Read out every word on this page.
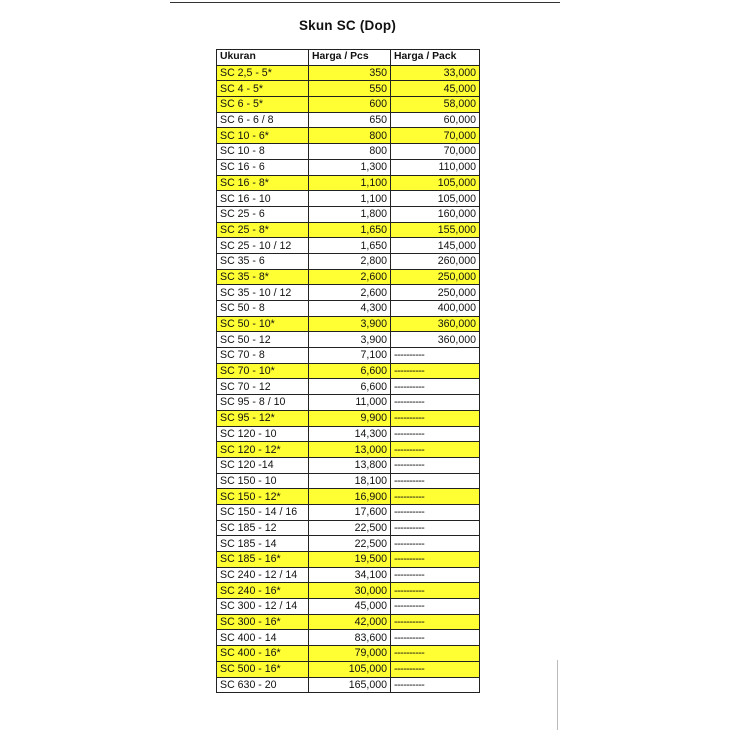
Skun SC (Dop)
Ukuran	Harga / Pcs	Harga / Pack
SC 2,5 - 5*	350	33,000
SC 4 - 5*	550	45,000
SC 6 - 5*	600	58,000
SC 6 - 6 / 8	650	60,000
SC 10 - 6*	800	70,000
SC 10 - 8	800	70,000
SC 16 - 6	1,300	110,000
SC 16 - 8*	1,100	105,000
SC 16 - 10	1,100	105,000
SC 25 - 6	1,800	160,000
SC 25 - 8*	1,650	155,000
SC 25 - 10 / 12	1,650	145,000
SC 35 - 6	2,800	260,000
SC 35 - 8*	2,600	250,000
SC 35 - 10 / 12	2,600	250,000
SC 50 - 8	4,300	400,000
SC 50 - 10*	3,900	360,000
SC 50 - 12	3,900	360,000
SC 70 - 8	7,100	----------
SC 70 - 10*	6,600	----------
SC 70 - 12	6,600	----------
SC 95 - 8 / 10	11,000	----------
SC 95 - 12*	9,900	----------
SC 120 - 10	14,300	----------
SC 120 - 12*	13,000	----------
SC 120 -14	13,800	----------
SC 150 - 10	18,100	----------
SC 150 - 12*	16,900	----------
SC 150 - 14 / 16	17,600	----------
SC 185 - 12	22,500	----------
SC 185 - 14	22,500	----------
SC 185 - 16*	19,500	----------
SC 240 - 12 / 14	34,100	----------
SC 240 - 16*	30,000	----------
SC 300 - 12 / 14	45,000	----------
SC 300 - 16*	42,000	----------
SC 400 - 14	83,600	----------
SC 400 - 16*	79,000	----------
SC 500 - 16*	105,000	----------
SC 630 - 20	165,000	----------
